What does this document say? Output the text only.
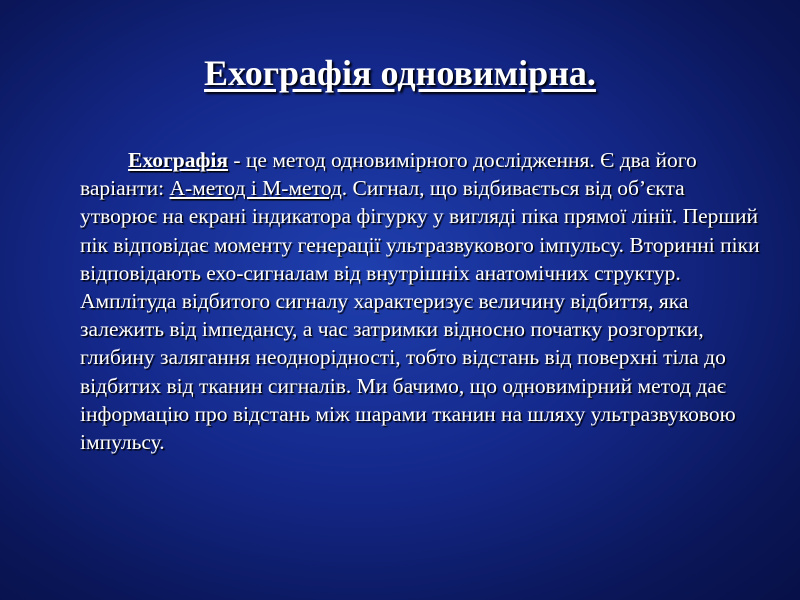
Ехографія одновимірна.

Ехографія - це метод одновимірного дослідження. Є два його варіанти: А-метод і М-метод. Сигнал, що відбивається від об’єкта утворює на екрані індикатора фігурку у вигляді піка прямої лінії. Перший пік відповідає моменту генерації ультразвукового імпульсу. Вторинні піки відповідають ехо-сигналам від внутрішніх анатомічних структур. Амплітуда відбитого сигналу характеризує величину відбиття, яка залежить від імпедансу, а час затримки відносно початку розгортки, глибину залягання неоднорідності, тобто відстань від поверхні тіла до відбитих від тканин сигналів. Ми бачимо, що одновимірний метод дає інформацію про відстань між шарами тканин на шляху ультразвуковою імпульсу.
